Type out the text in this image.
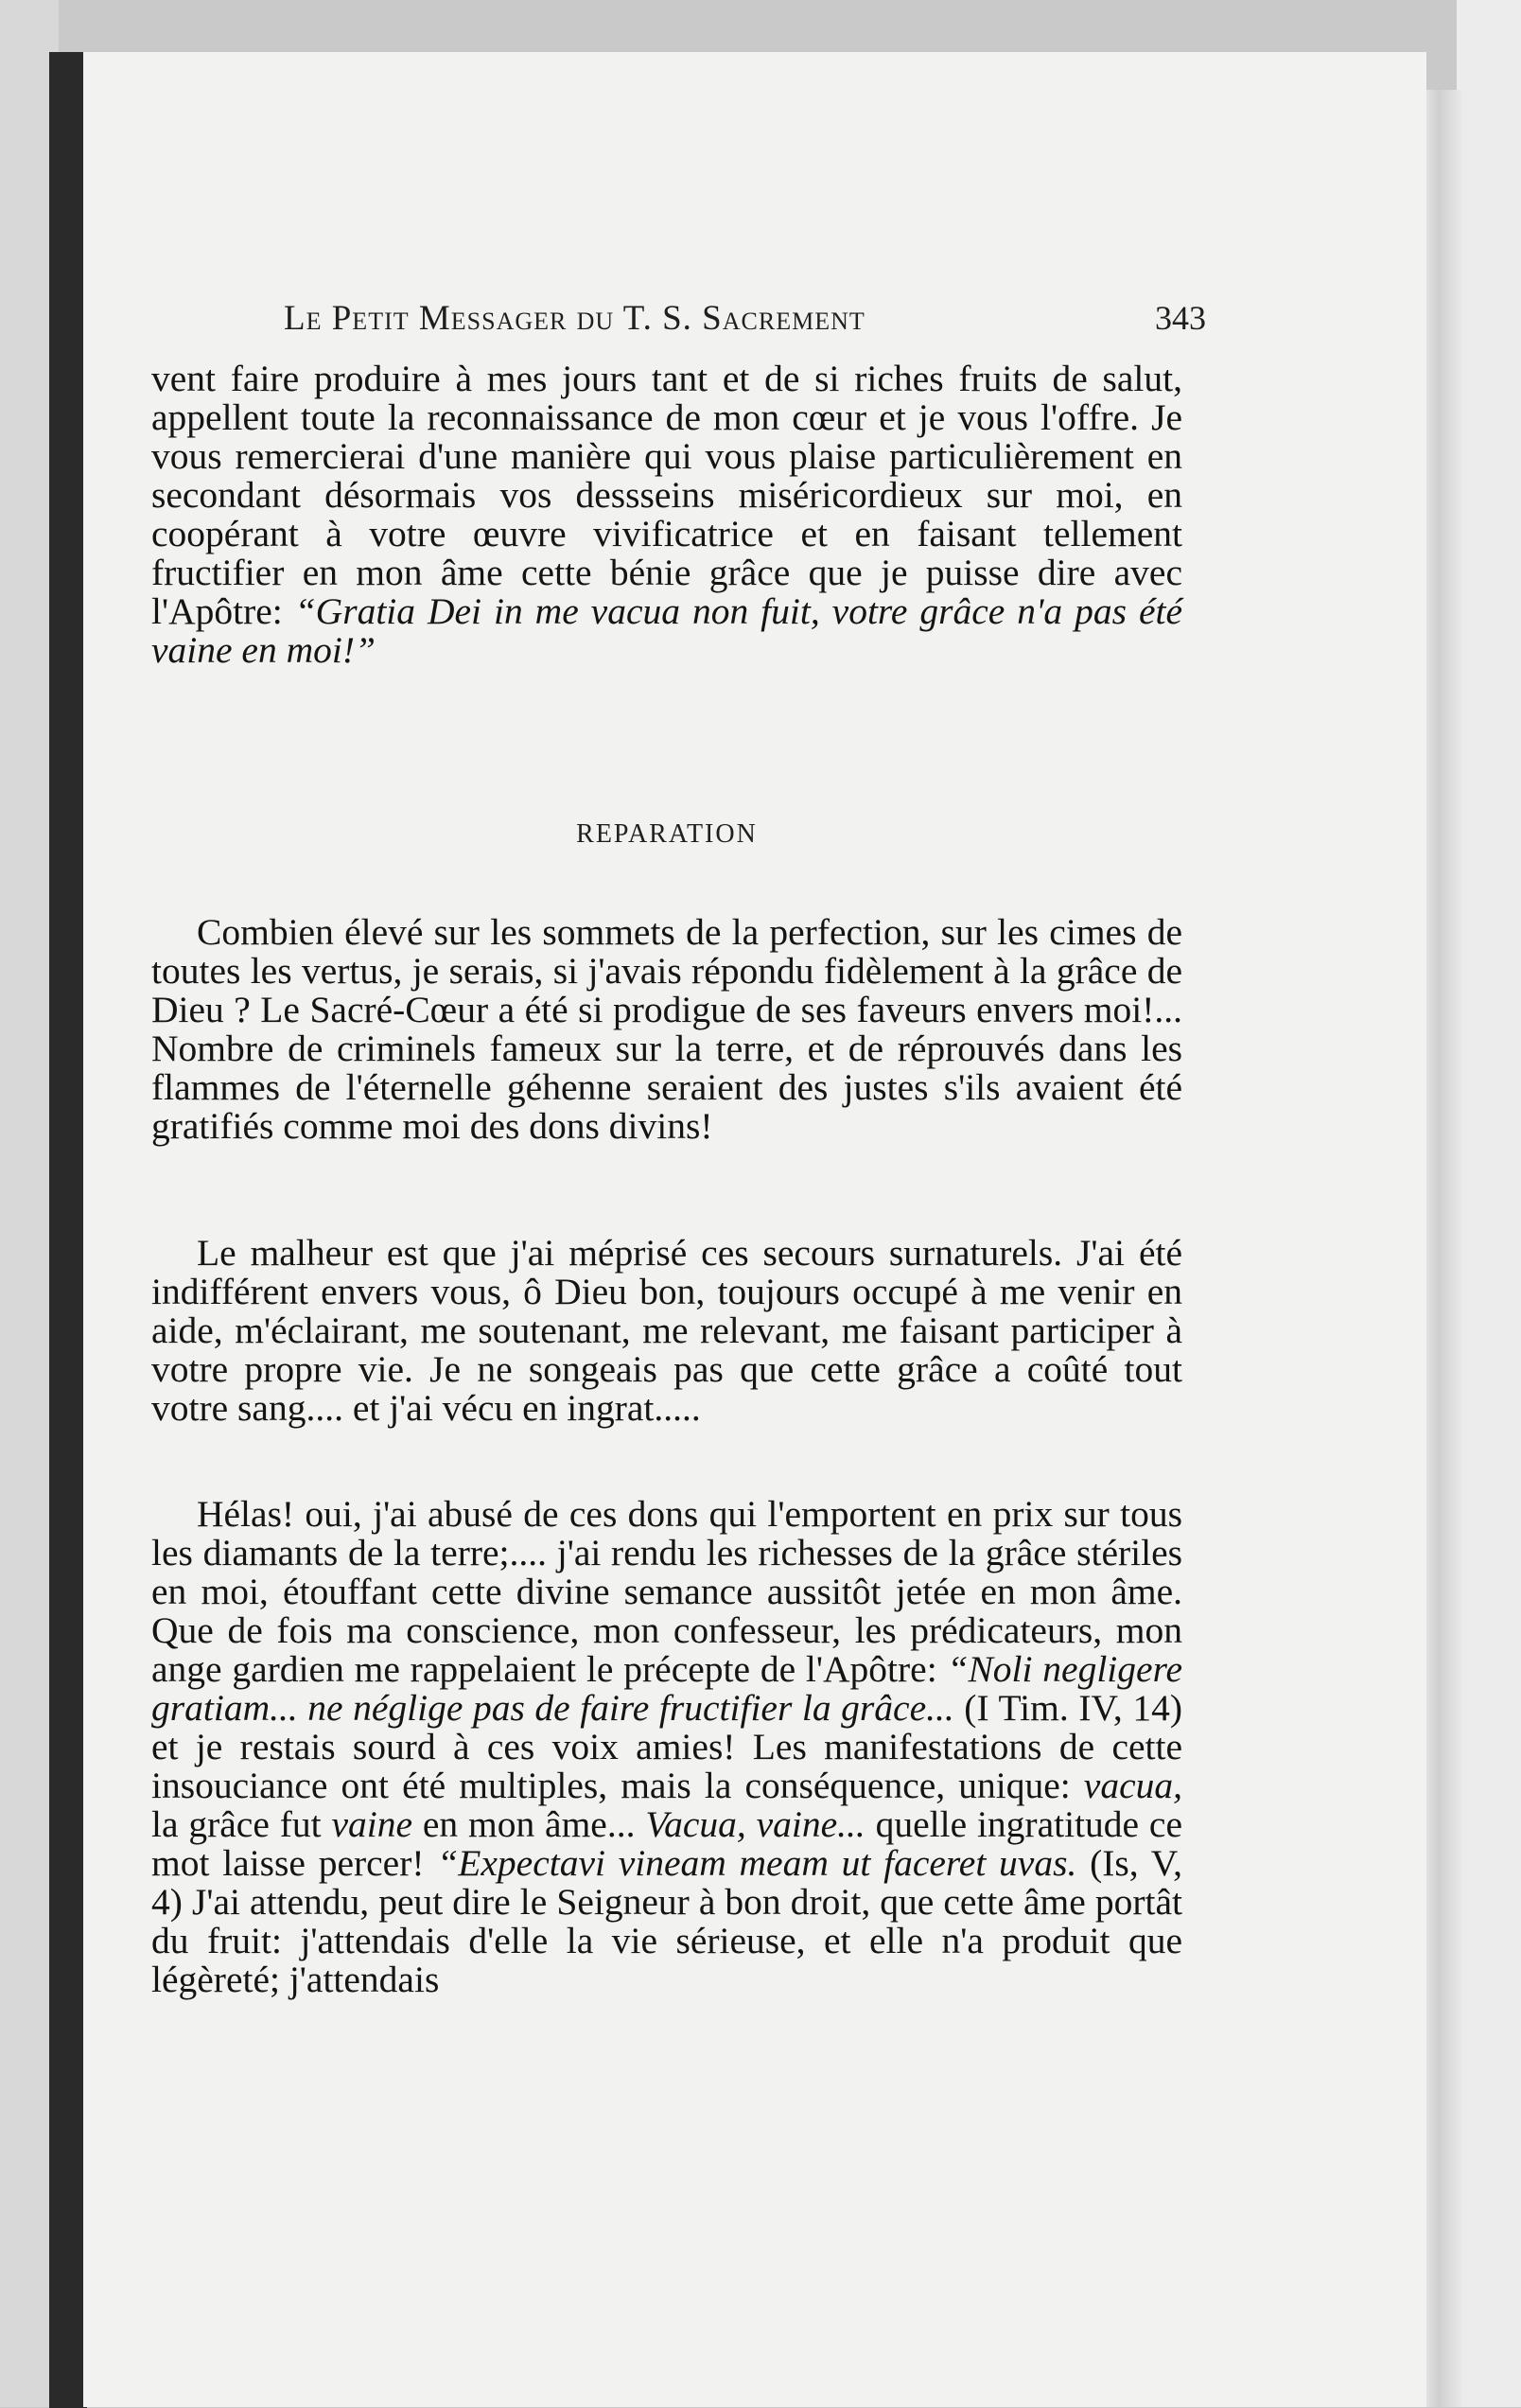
Le Petit Messager du T. S. Sacrement	343
vent faire produire à mes jours tant et de si riches fruits de salut, appellent toute la reconnaissance de mon cœur et je vous l'offre. Je vous remercierai d'une manière qui vous plaise particulièrement en secondant désormais vos dessseins miséricordieux sur moi, en coopérant à votre œuvre vivificatrice et en faisant tellement fructifier en mon âme cette bénie grâce que je puisse dire avec l'Apôtre: “Gratia Dei in me vacua non fuit, votre grâce n'a pas été vaine en moi!”
REPARATION
Combien élevé sur les sommets de la perfection, sur les cimes de toutes les vertus, je serais, si j'avais répondu fidèlement à la grâce de Dieu ? Le Sacré-Cœur a été si prodigue de ses faveurs envers moi!... Nombre de criminels fameux sur la terre, et de réprouvés dans les flammes de l'éternelle géhenne seraient des justes s'ils avaient été gratifiés comme moi des dons divins!
Le malheur est que j'ai méprisé ces secours surnaturels. J'ai été indifférent envers vous, ô Dieu bon, toujours occupé à me venir en aide, m'éclairant, me soutenant, me relevant, me faisant participer à votre propre vie. Je ne songeais pas que cette grâce a coûté tout votre sang.... et j'ai vécu en ingrat.....
Hélas! oui, j'ai abusé de ces dons qui l'emportent en prix sur tous les diamants de la terre;.... j'ai rendu les richesses de la grâce stériles en moi, étouffant cette divine semance aussitôt jetée en mon âme. Que de fois ma conscience, mon confesseur, les prédicateurs, mon ange gardien me rappelaient le précepte de l'Apôtre: “Noli negligere gratiam... ne néglige pas de faire fructifier la grâce... (I Tim. IV, 14) et je restais sourd à ces voix amies! Les manifestations de cette insouciance ont été multiples, mais la conséquence, unique: vacua, la grâce fut vaine en mon âme... Vacua, vaine... quelle ingratitude ce mot laisse percer! “Expectavi vineam meam ut faceret uvas. (Is, V, 4) J'ai attendu, peut dire le Seigneur à bon droit, que cette âme portât du fruit: j'attendais d'elle la vie sérieuse, et elle n'a produit que légèreté; j'attendais
